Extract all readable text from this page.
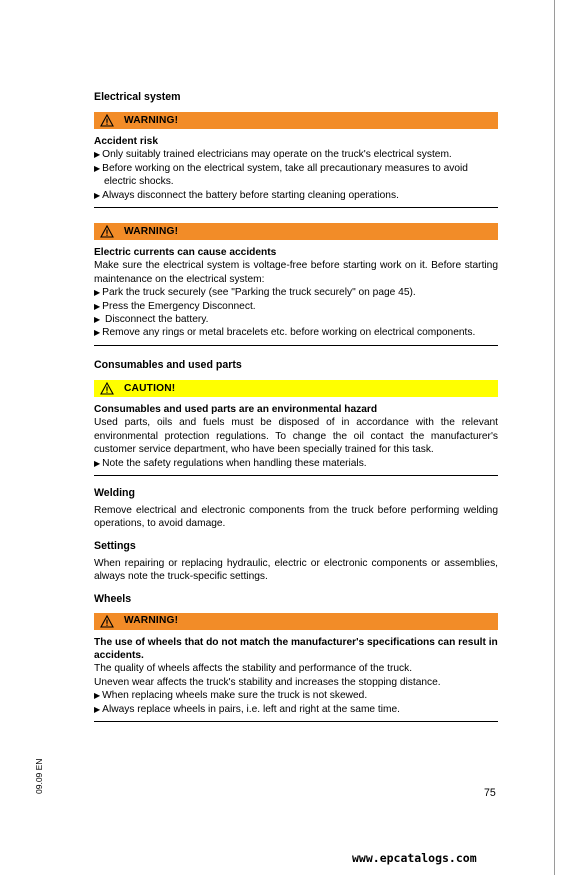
Electrical system
WARNING!

Accident risk

▶ Only suitably trained electricians may operate on the truck's electrical system.

▶ Before working on the electrical system, take all precautionary measures to avoid electric shocks.

▶ Always disconnect the battery before starting cleaning operations.

WARNING!

Electric currents can cause accidents

Make sure the electrical system is voltage-free before starting work on it. Before starting maintenance on the electrical system:

▶ Park the truck securely (see "Parking the truck securely" on page 45).

▶ Press the Emergency Disconnect.

▶ Disconnect the battery.

▶ Remove any rings or metal bracelets etc. before working on electrical components.

Consumables and used parts
CAUTION!

Consumables and used parts are an environmental hazard

Used parts, oils and fuels must be disposed of in accordance with the relevant environmental protection regulations. To change the oil contact the manufacturer's customer service department, who have been specially trained for this task.

▶ Note the safety regulations when handling these materials.

Welding

Remove electrical and electronic components from the truck before performing welding operations, to avoid damage.

Settings

When repairing or replacing hydraulic, electric or electronic components or assemblies, always note the truck-specific settings.

Wheels
WARNING!

The use of wheels that do not match the manufacturer's specifications can result in accidents.

The quality of wheels affects the stability and performance of the truck.

Uneven wear affects the truck's stability and increases the stopping distance.

▶ When replacing wheels make sure the truck is not skewed.

▶ Always replace wheels in pairs, i.e. left and right at the same time.

09.09 EN	75
www.epcatalogs.com
